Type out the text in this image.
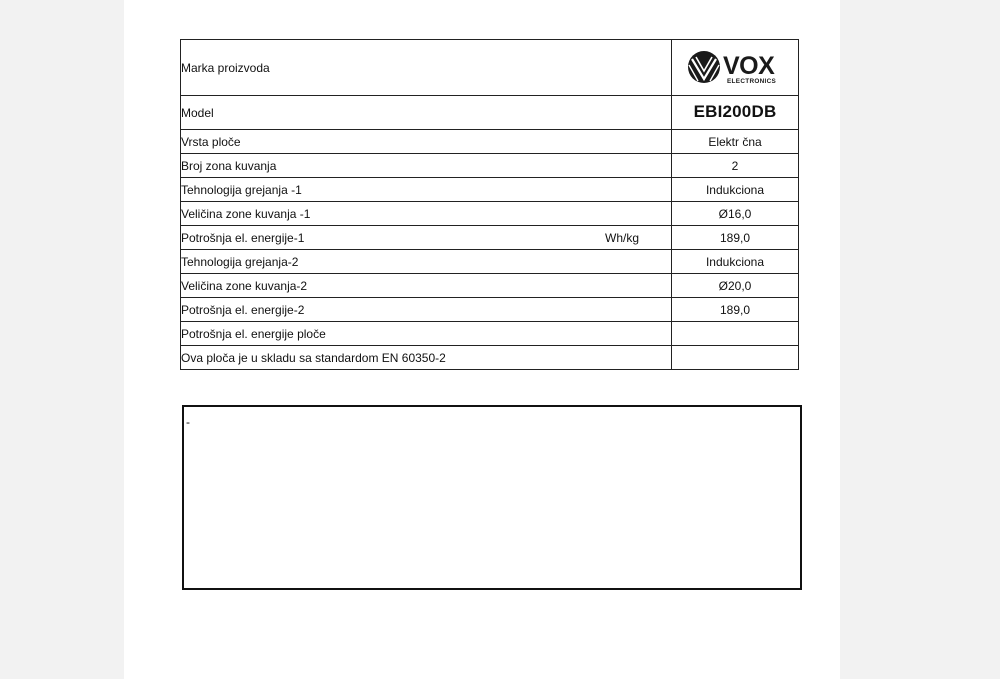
Marka proizvoda	VOX
ELECTRONICS

Model	EBI200DB

Vrsta ploče	Elektr čna

Broj zona kuvanja	2

Tehnologija grejanja -1	Indukciona

Veličina zone kuvanja -1	Ø16,0

Potrošnja el. energije-1 Wh/kg	189,0

Tehnologija grejanja-2	Indukciona

Veličina zone kuvanja-2	Ø20,0

Potrošnja el. energije-2	189,0

Potrošnja el. energije ploče	

Ova ploča je u skladu sa standardom EN 60350-2	

-
